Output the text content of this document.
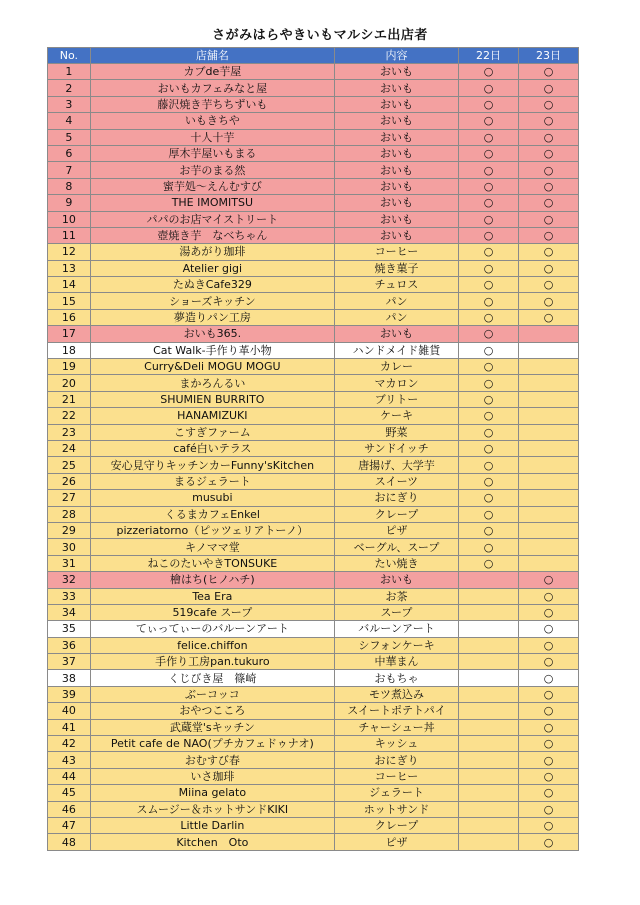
さがみはらやきいもマルシエ出店者
No.	店舗名	内容	22日	23日
1	カブde芋屋	おいも	○	○
2	おいもカフェみなと屋	おいも	○	○
3	藤沢焼き芋ちちずいも	おいも	○	○
4	いもきちや	おいも	○	○
5	十人十芋	おいも	○	○
6	厚木芋屋いもまる	おいも	○	○
7	お芋のまる然	おいも	○	○
8	蜜芋処～えんむすび	おいも	○	○
9	THE IMOMITSU	おいも	○	○
10	パパのお店マイストリート	おいも	○	○
11	壺焼き芋　なべちゃん	おいも	○	○
12	湯あがり珈琲	コーヒー	○	○
13	Atelier gigi	焼き菓子	○	○
14	たぬきCafe329	チュロス	○	○
15	ショーズキッチン	パン	○	○
16	夢造りパン工房	パン	○	○
17	おいも365.	おいも	○	
18	Cat Walk-手作り革小物	ハンドメイド雑貨	○	
19	Curry&Deli MOGU MOGU	カレー	○	
20	まかろんるい	マカロン	○	
21	SHUMIEN BURRITO	ブリトー	○	
22	HANAMIZUKI	ケーキ	○	
23	こすぎファーム	野菜	○	
24	café白いテラス	サンドイッチ	○	
25	安心見守りキッチンカーFunny'sKitchen	唐揚げ、大学芋	○	
26	まるジェラート	スイーツ	○	
27	musubi	おにぎり	○	
28	くるまカフェEnkel	クレープ	○	
29	pizzeriatorno（ピッツェリアトーノ）	ピザ	○	
30	キノママ堂	ベーグル、スープ	○	
31	ねこのたいやきTONSUKE	たい焼き	○	
32	檜はち(ヒノハチ)	おいも		○
33	Tea Era	お茶		○
34	519cafe スープ	スープ		○
35	てぃってぃーのバルーンアート	バルーンアート		○
36	felice.chiffon	シフォンケーキ		○
37	手作り工房pan.tukuro	中華まん		○
38	くじびき屋　篠崎	おもちゃ		○
39	ぶーコッコ	モツ煮込み		○
40	おやつこころ	スイートポテトパイ		○
41	武蔵堂'sキッチン	チャーシュー丼		○
42	Petit cafe de NAO(プチカフェドゥナオ)	キッシュ		○
43	おむすび春	おにぎり		○
44	いさ珈琲	コーヒー		○
45	Miina gelato	ジェラート		○
46	スムージー＆ホットサンドKIKI	ホットサンド		○
47	Little Darlin	クレープ		○
48	Kitchen　Oto	ピザ		○
